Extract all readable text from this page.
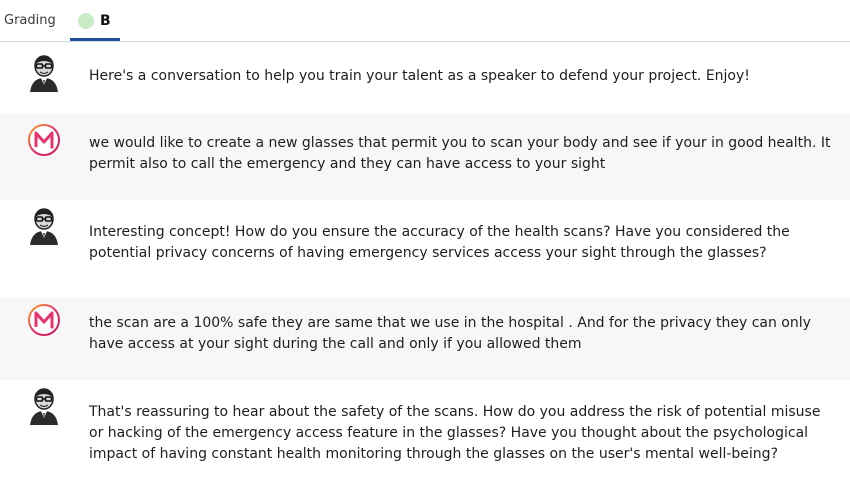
Grading	B
Here's a conversation to help you train your talent as a speaker to defend your project. Enjoy!
we would like to create a new glasses that permit you to scan your body and see if your in good health. It permit also to call the emergency and they can have access to your sight
Interesting concept! How do you ensure the accuracy of the health scans? Have you considered the potential privacy concerns of having emergency services access your sight through the glasses?
the scan are a 100% safe they are same that we use in the hospital . And for the privacy they can only have access at your sight during the call and only if you allowed them
That's reassuring to hear about the safety of the scans. How do you address the risk of potential misuse or hacking of the emergency access feature in the glasses? Have you thought about the psychological impact of having constant health monitoring through the glasses on the user's mental well-being?
